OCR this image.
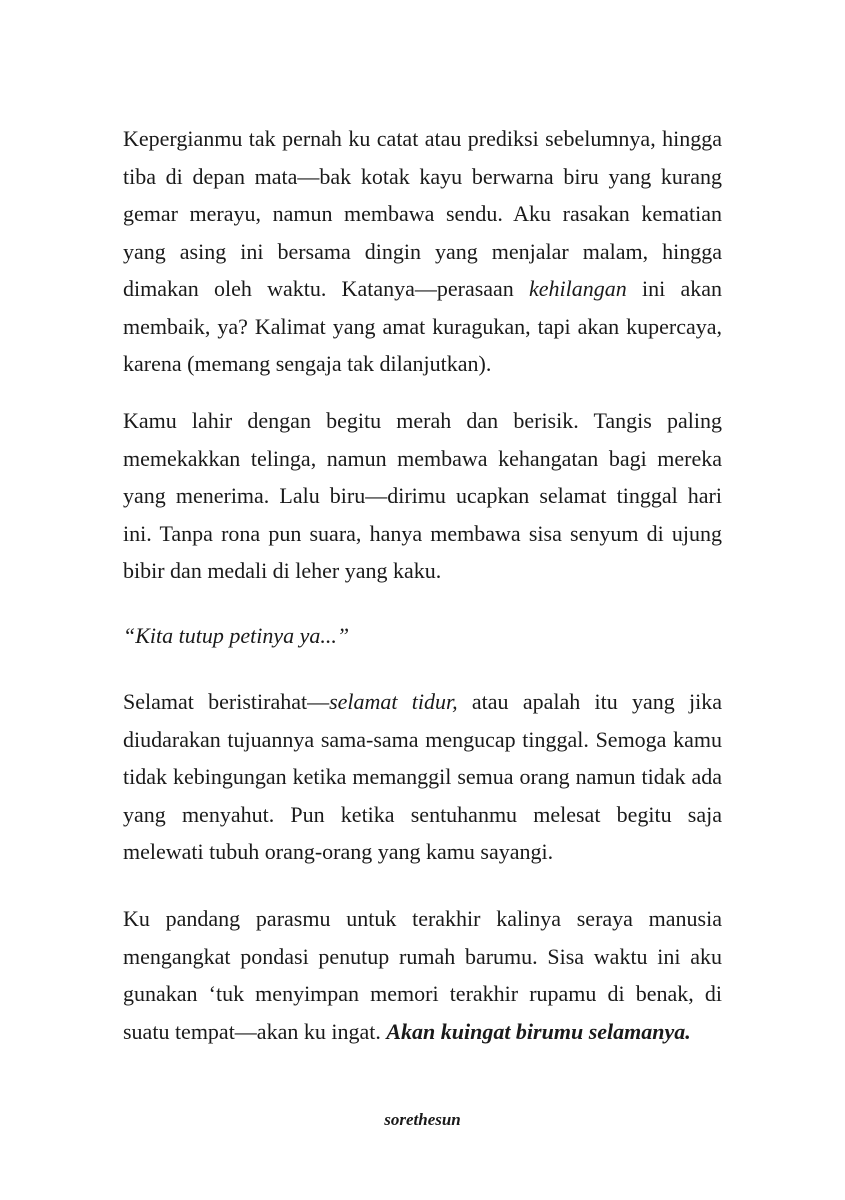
Kepergianmu tak pernah ku catat atau prediksi sebelumnya, hingga tiba di depan mata—bak kotak kayu berwarna biru yang kurang gemar merayu, namun membawa sendu. Aku rasakan kematian yang asing ini bersama dingin yang menjalar malam, hingga dimakan oleh waktu. Katanya—perasaan kehilangan ini akan membaik, ya? Kalimat yang amat kuragukan, tapi akan kupercaya, karena (memang sengaja tak dilanjutkan).

Kamu lahir dengan begitu merah dan berisik. Tangis paling memekakkan telinga, namun membawa kehangatan bagi mereka yang menerima. Lalu biru—dirimu ucapkan selamat tinggal hari ini. Tanpa rona pun suara, hanya membawa sisa senyum di ujung bibir dan medali di leher yang kaku.

“Kita tutup petinya ya...”

Selamat beristirahat—selamat tidur, atau apalah itu yang jika diudarakan tujuannya sama-sama mengucap tinggal. Semoga kamu tidak kebingungan ketika memanggil semua orang namun tidak ada yang menyahut. Pun ketika sentuhanmu melesat begitu saja melewati tubuh orang-orang yang kamu sayangi.

Ku pandang parasmu untuk terakhir kalinya seraya manusia mengangkat pondasi penutup rumah barumu. Sisa waktu ini aku gunakan ‘tuk menyimpan memori terakhir rupamu di benak, di suatu tempat—akan ku ingat. Akan kuingat birumu selamanya.

sorethesun
